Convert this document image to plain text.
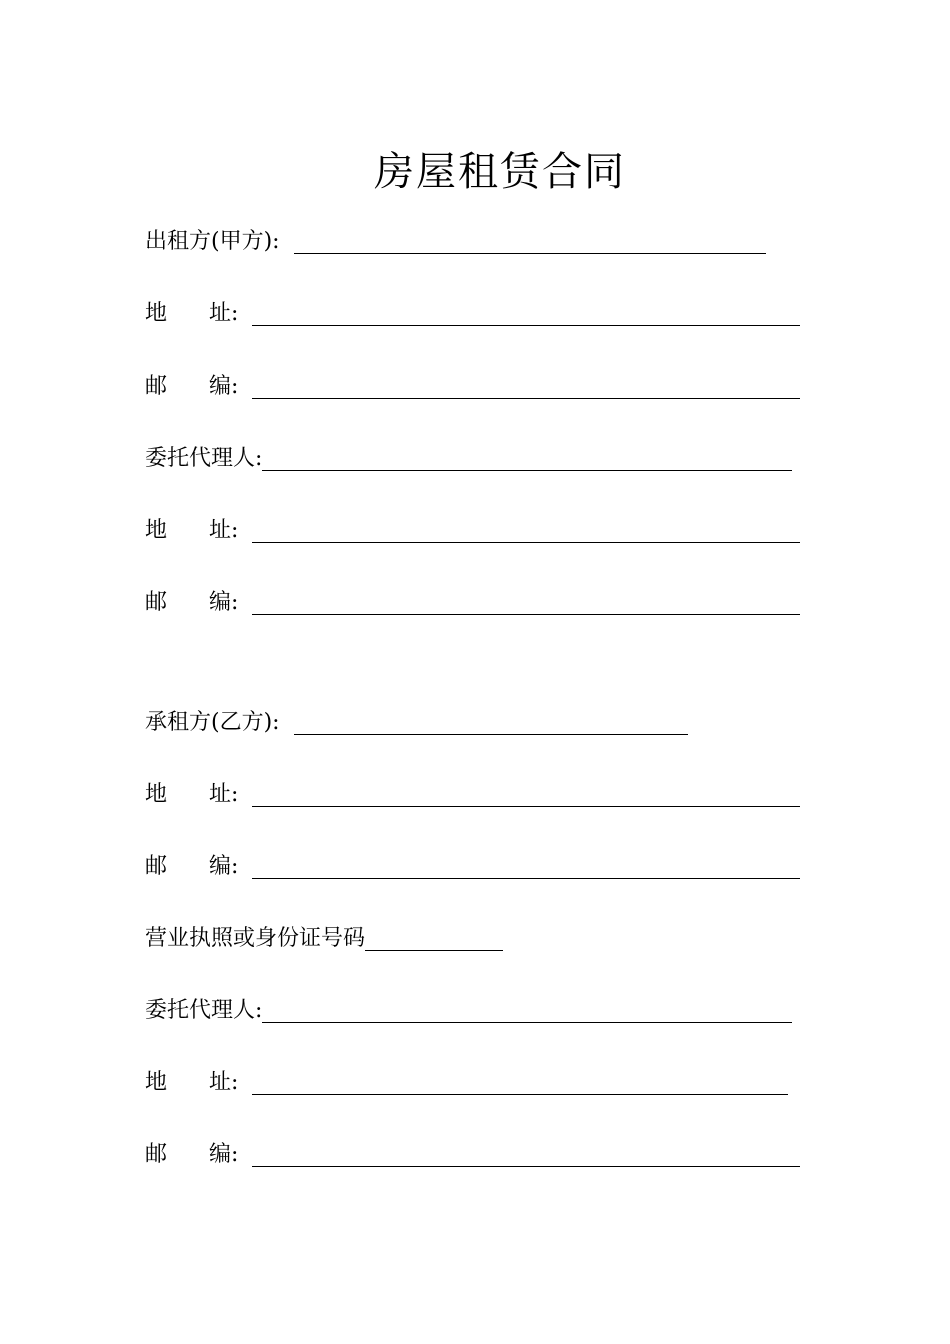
房屋租赁合同
出租方(甲方) :
地	址 :
邮	编 :
委托代理人 :
地	址 :
邮	编 :
承租方(乙方) :
地	址 :
邮	编 :
营业执照或身份证号码
委托代理人 :
地	址 :
邮	编 :
